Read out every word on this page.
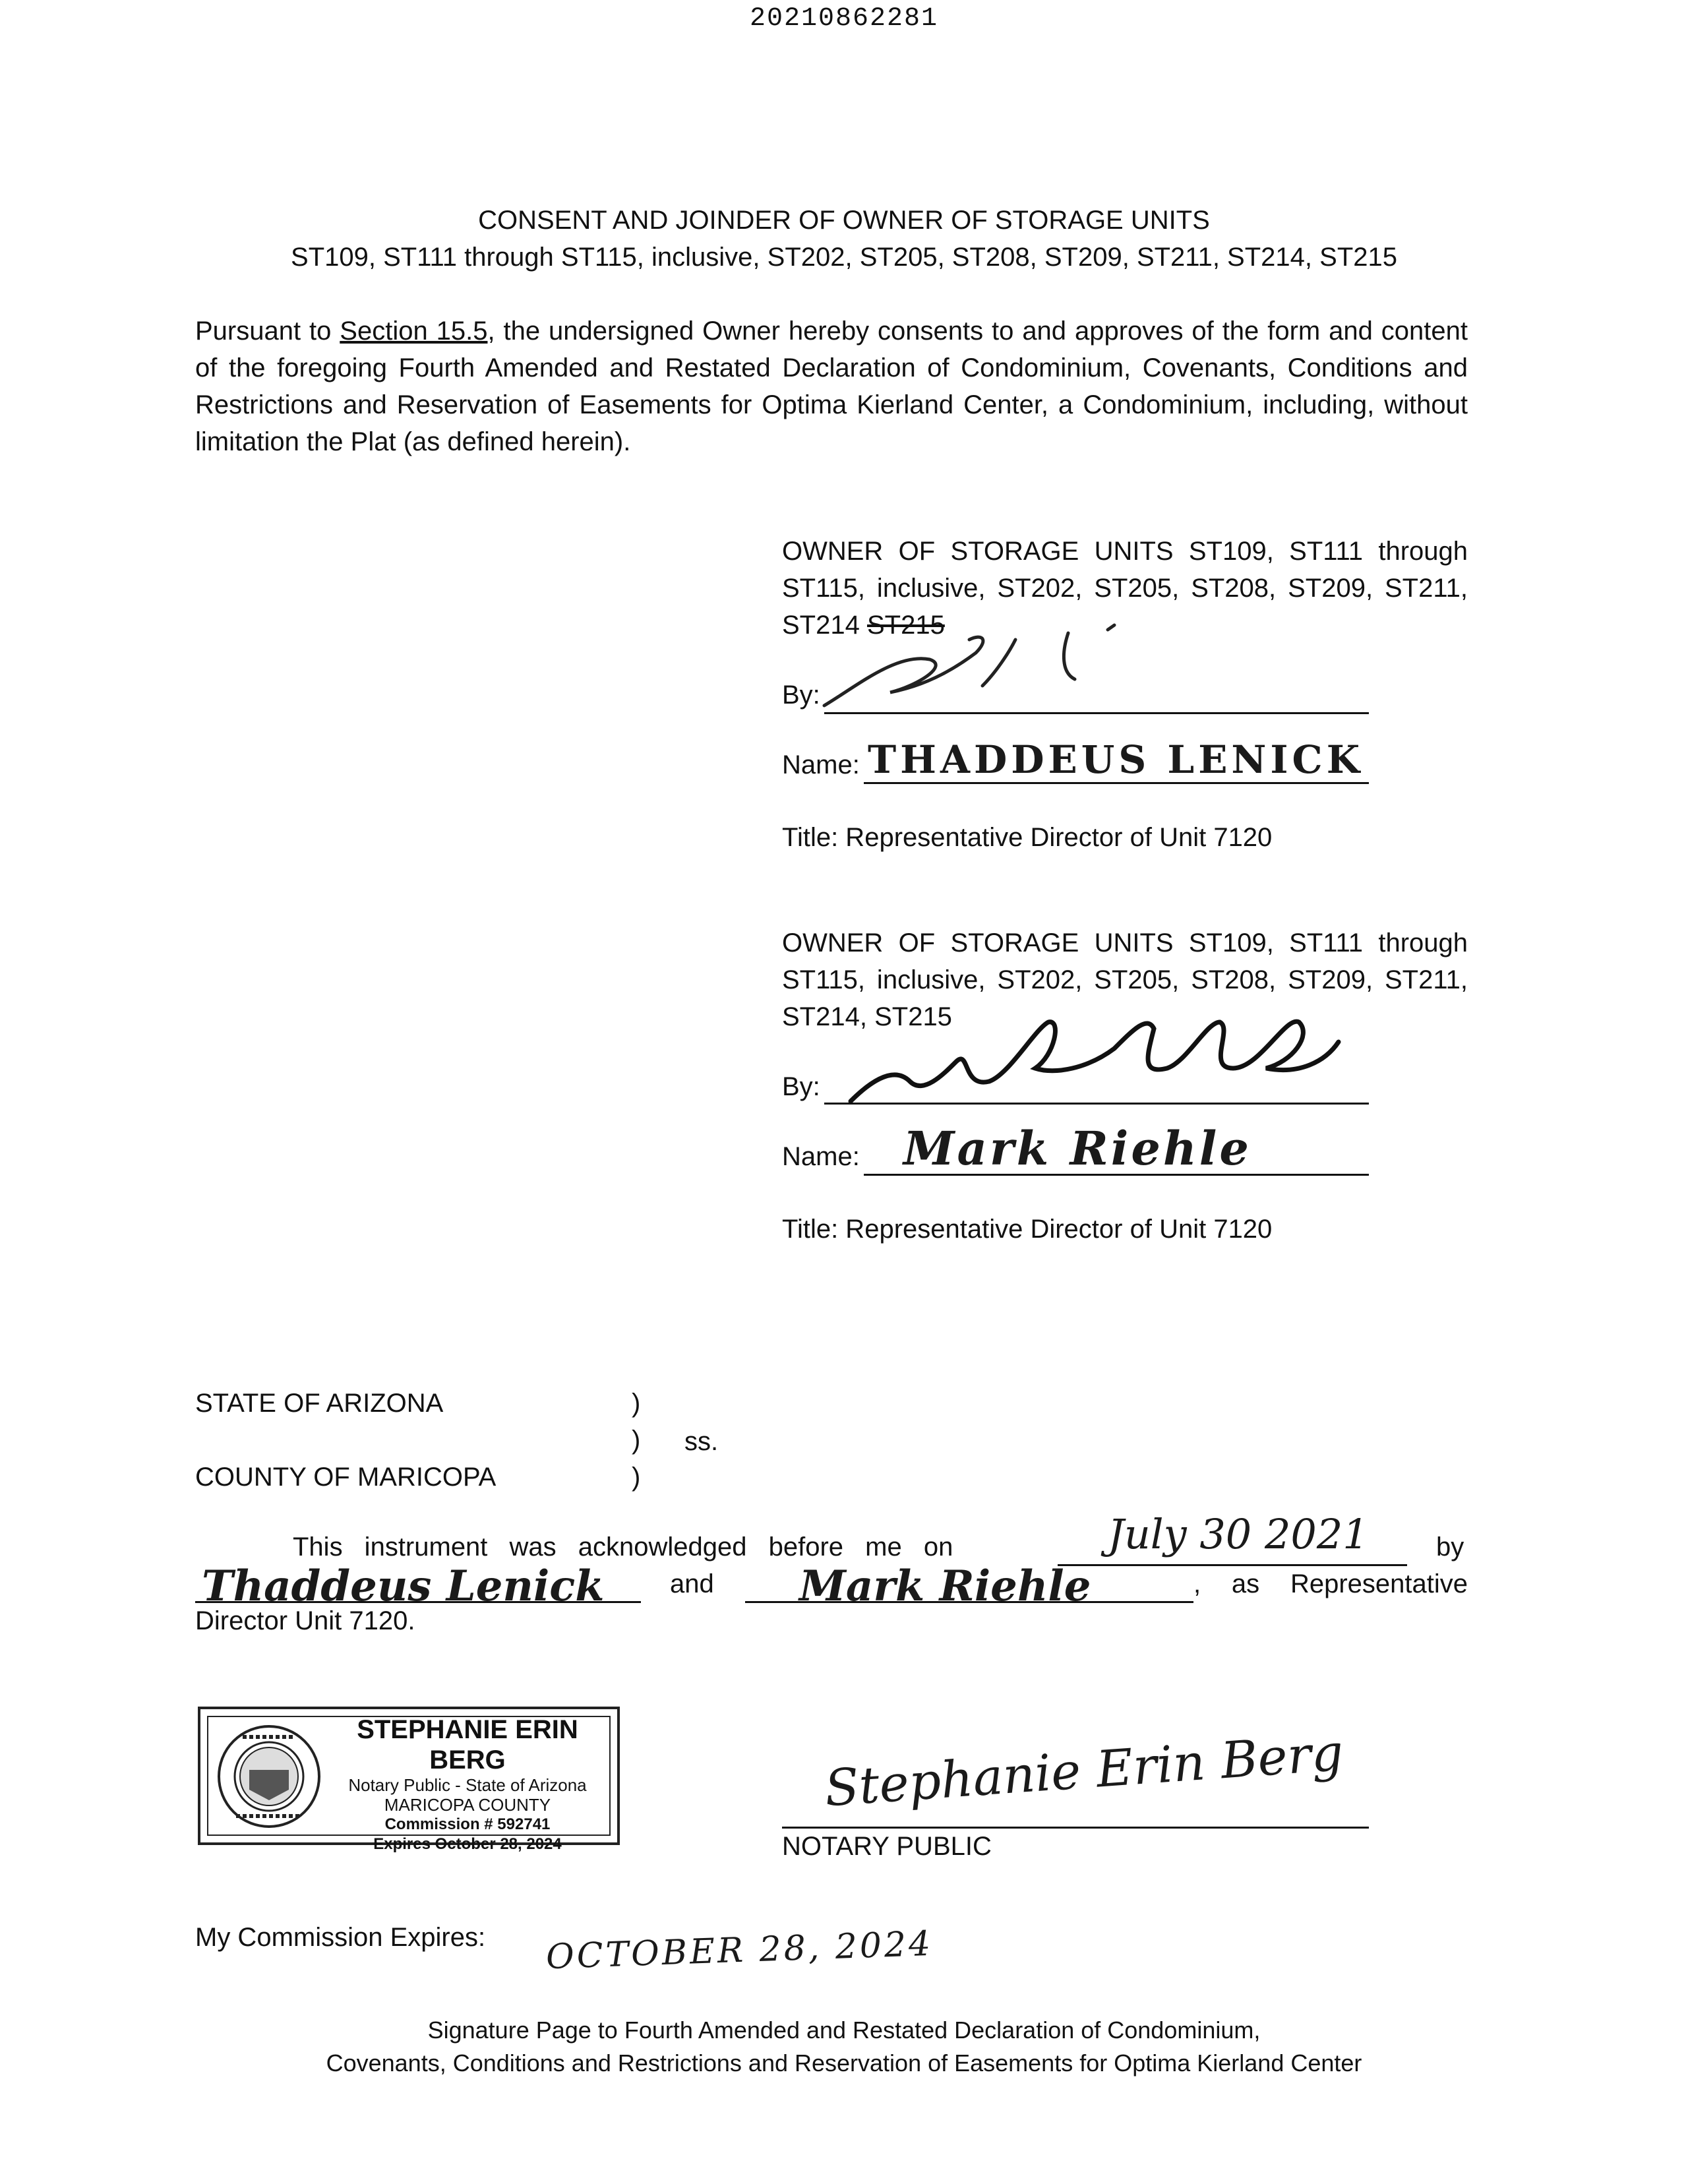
20210862281
CONSENT AND JOINDER OF OWNER OF STORAGE UNITS
ST109, ST111 through ST115, inclusive, ST202, ST205, ST208, ST209, ST211, ST214, ST215
Pursuant to Section 15.5, the undersigned Owner hereby consents to and approves of the form and content of the foregoing Fourth Amended and Restated Declaration of Condominium, Covenants, Conditions and Restrictions and Reservation of Easements for Optima Kierland Center, a Condominium, including, without limitation the Plat (as defined herein).
OWNER OF STORAGE UNITS ST109, ST111 through ST115, inclusive, ST202, ST205, ST208, ST209, ST211, ST214 ST215
By:
Name: THADDEUS LENICK
Title: Representative Director of Unit 7120
OWNER OF STORAGE UNITS ST109, ST111 through ST115, inclusive, ST202, ST205, ST208, ST209, ST211, ST214, ST215
By:
Name: Mark Riehle
Title: Representative Director of Unit 7120
STATE OF ARIZONA	)
) ss.
)
COUNTY OF MARICOPA
This instrument was acknowledged before me on	July 30 2021	by
Thaddeus Lenick and Mark Riehle	, as Representative
Director Unit 7120.
STEPHANIE ERIN BERG
Notary Public - State of Arizona
MARICOPA COUNTY
Commission # 592741
Expires October 28, 2024
Stephanie Erin Berg
NOTARY PUBLIC
My Commission Expires: OCTOBER 28, 2024
Signature Page to Fourth Amended and Restated Declaration of Condominium,
Covenants, Conditions and Restrictions and Reservation of Easements for Optima Kierland Center
